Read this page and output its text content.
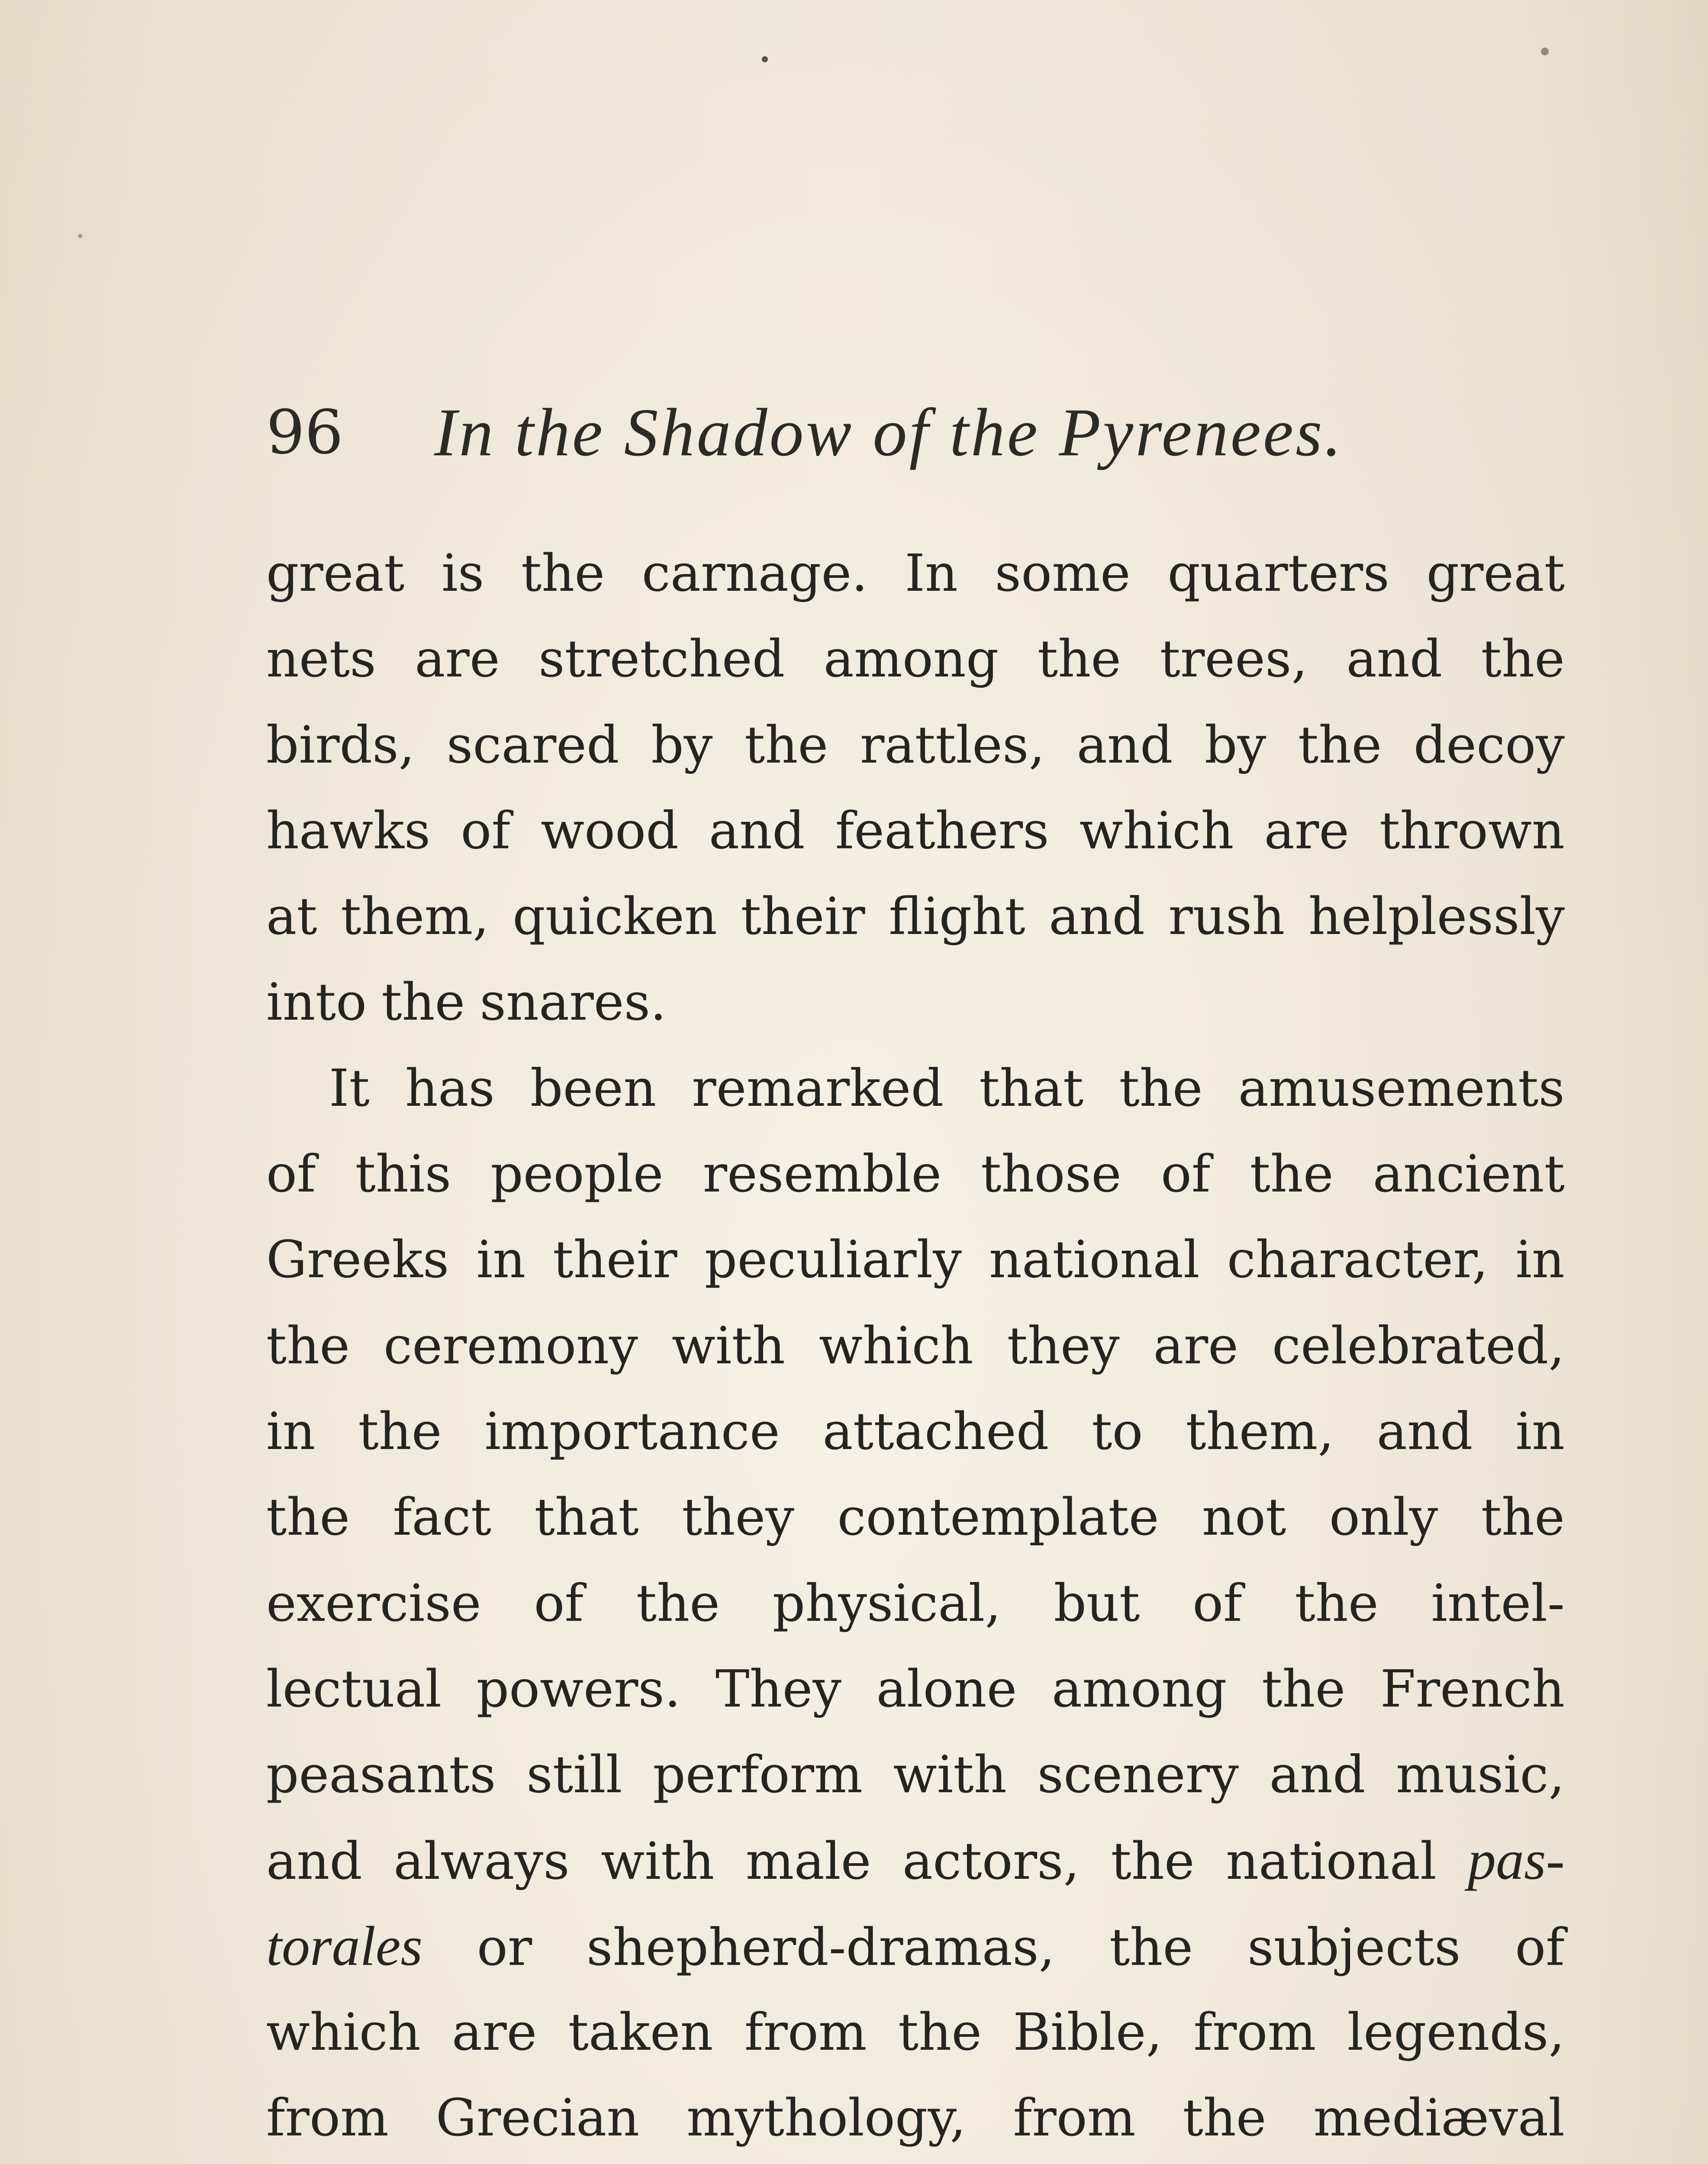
96 In the Shadow of the Pyrenees.
great is the carnage. In some quarters great
nets are stretched among the trees, and the
birds, scared by the rattles, and by the decoy
hawks of wood and feathers which are thrown
at them, quicken their flight and rush helplessly
into the snares.
It has been remarked that the amusements
of this people resemble those of the ancient
Greeks in their peculiarly national character, in
the ceremony with which they are celebrated,
in the importance attached to them, and in
the fact that they contemplate not only the
exercise of the physical, but of the intel-
lectual powers. They alone among the French
peasants still perform with scenery and music,
and always with male actors, the national pas-
torales or shepherd-dramas, the subjects of
which are taken from the Bible, from legends,
from Grecian mythology, from the mediæval
